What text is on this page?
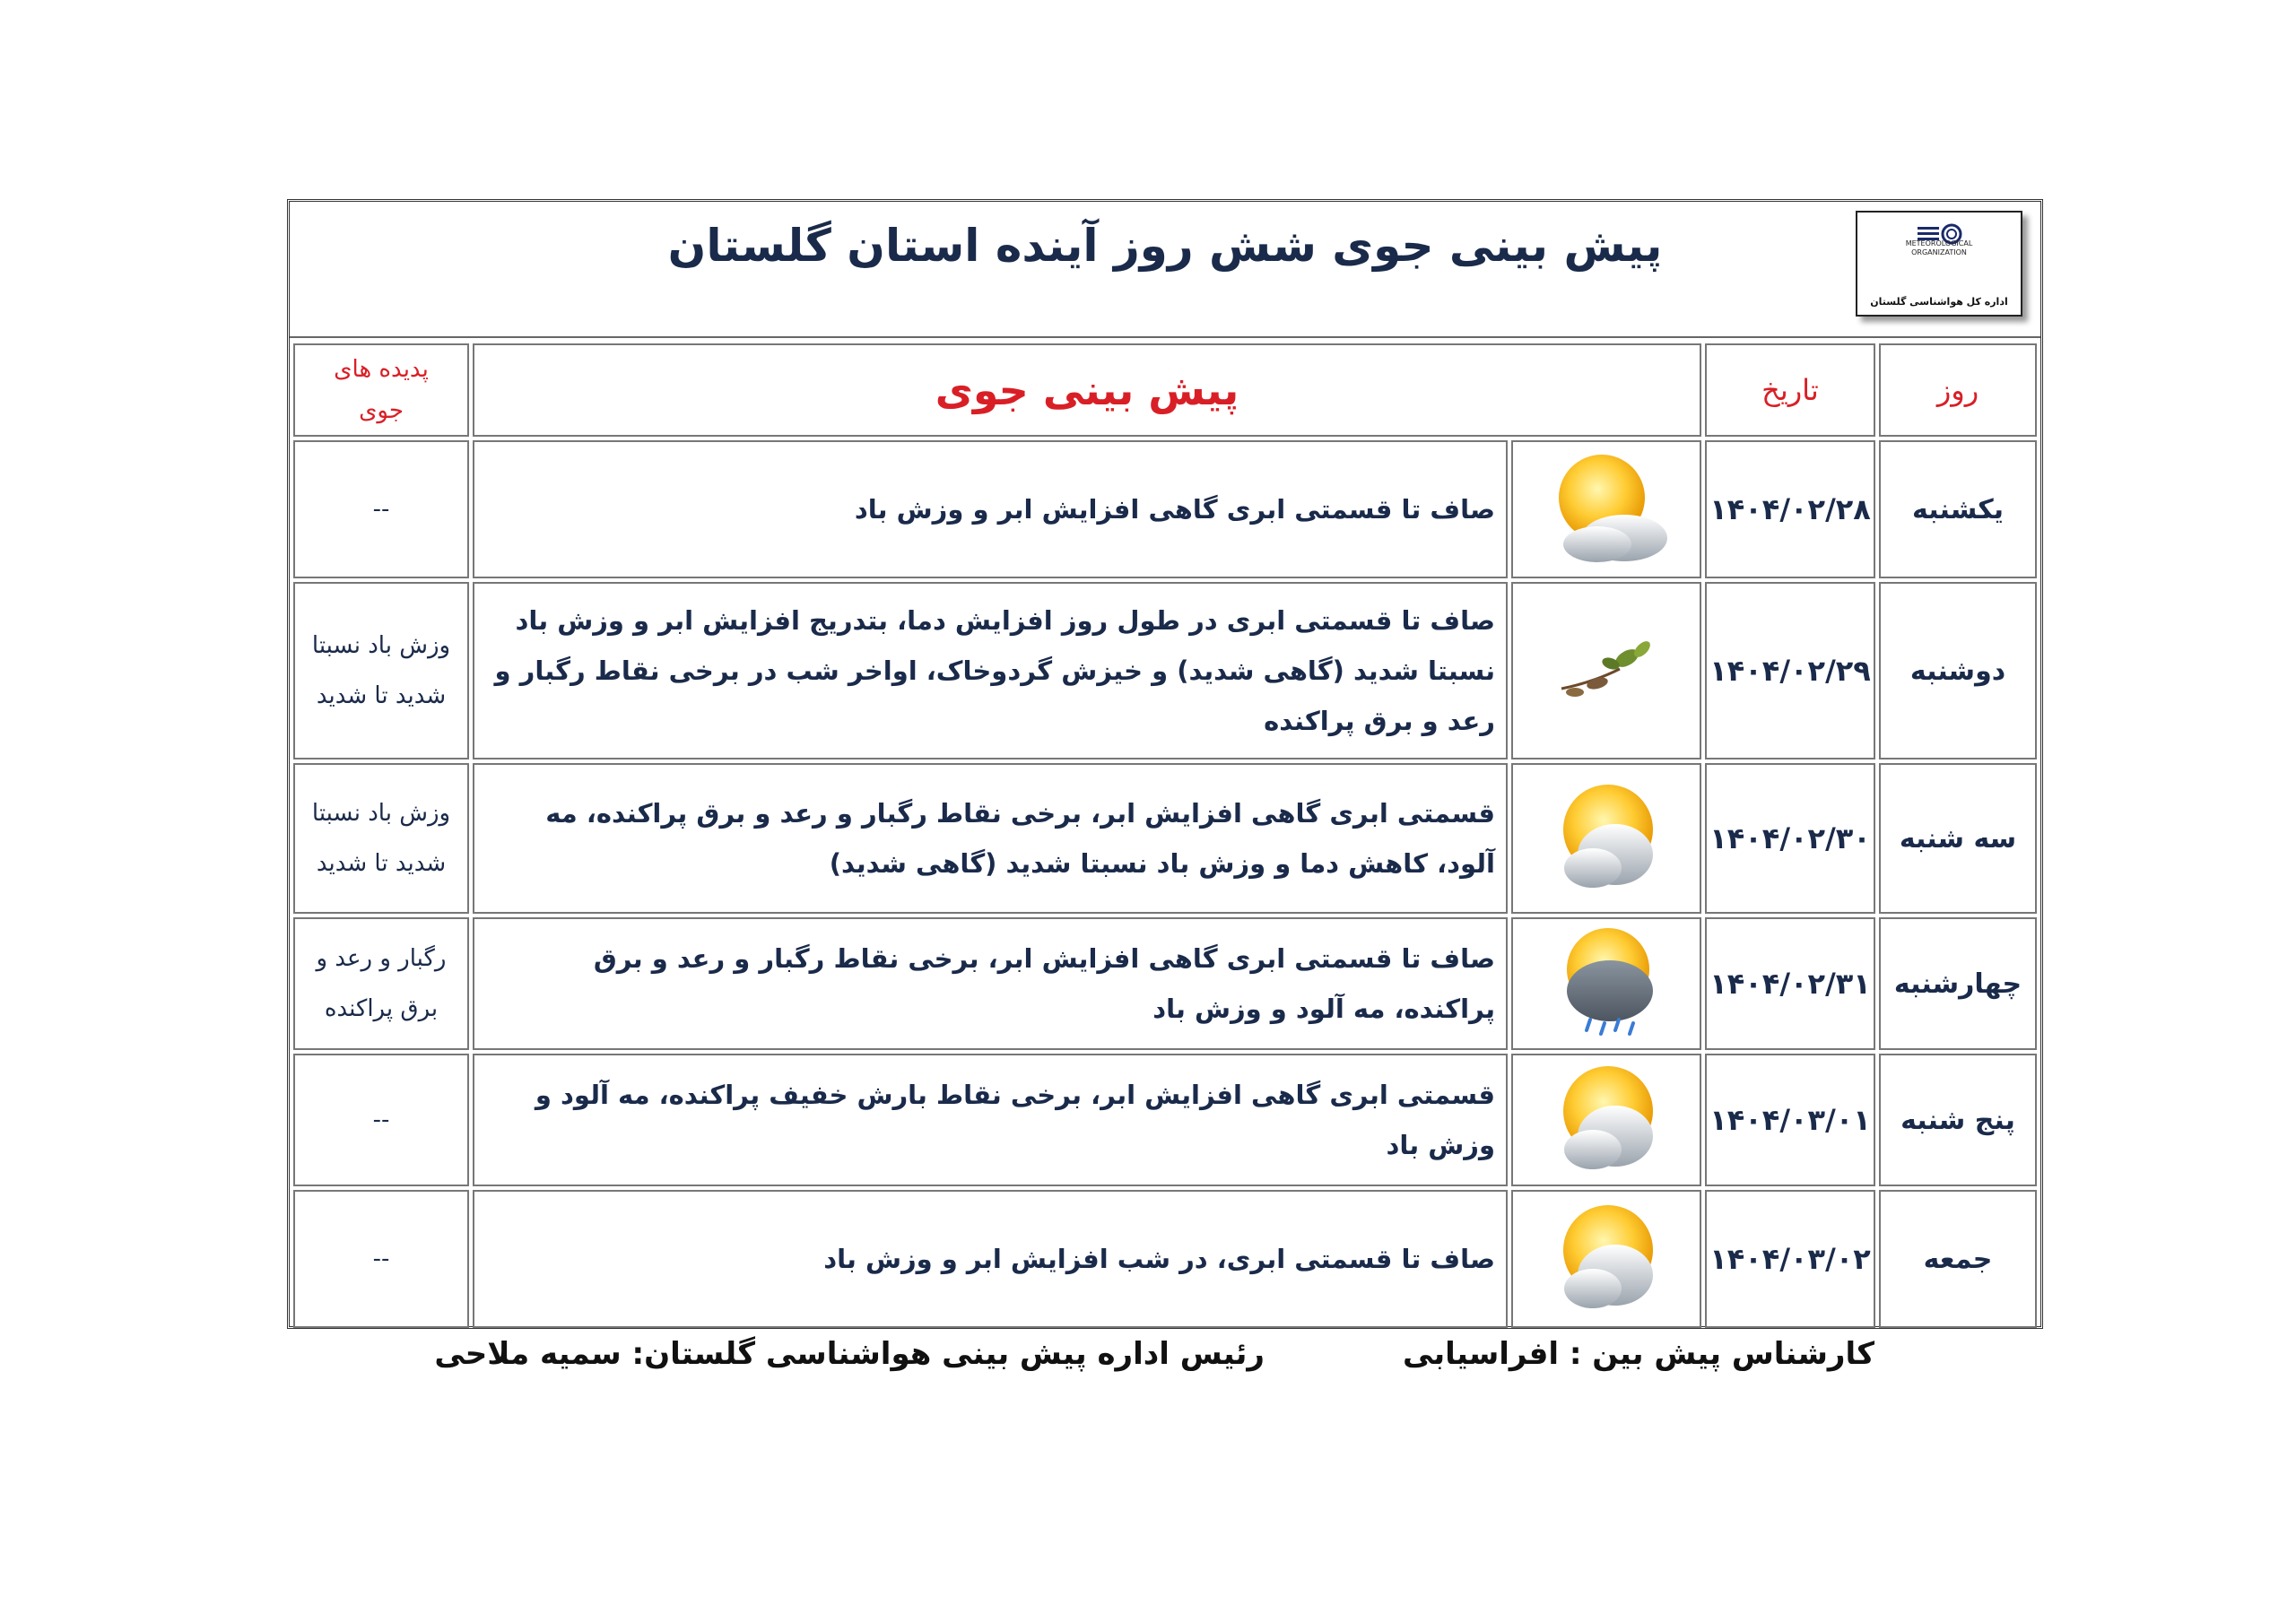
پیش بینی جوی شش روز آینده استان گلستان	METEOROLOGICAL
ORGANIZATION
اداره کل هواشناسی گلستان
روز	تاریخ	پیش بینی جوی		پدیده های
جوی

یکشنبه	۱۴۰۴/۰۲/۲۸		صاف تا قسمتی ابری گاهی افزایش ابر و وزش باد	--
دوشنبه	۱۴۰۴/۰۲/۲۹		صاف تا قسمتی ابری در طول روز افزایش دما، بتدریج افزایش ابر و وزش باد نسبتا شدید (گاهی شدید) و خیزش گردوخاک، اواخر شب در برخی نقاط رگبار و رعد و برق پراکنده	وزش باد نسبتا شدید تا شدید
سه شنبه	۱۴۰۴/۰۲/۳۰		قسمتی ابری گاهی افزایش ابر، برخی نقاط رگبار و رعد و برق پراکنده، مه آلود، کاهش دما و وزش باد نسبتا شدید (گاهی شدید)	وزش باد نسبتا شدید تا شدید
چهارشنبه	۱۴۰۴/۰۲/۳۱		صاف تا قسمتی ابری گاهی افزایش ابر، برخی نقاط رگبار و رعد و برق پراکنده، مه آلود و وزش باد	رگبار و رعد و برق پراکنده
پنج شنبه	۱۴۰۴/۰۳/۰۱		قسمتی ابری گاهی افزایش ابر، برخی نقاط بارش خفیف پراکنده، مه آلود و وزش باد	--
جمعه	۱۴۰۴/۰۳/۰۲		صاف تا قسمتی ابری، در شب افزایش ابر و وزش باد	--
کارشناس پیش بین : افراسیابی
رئیس اداره پیش بینی هواشناسی گلستان: سمیه ملاحی
